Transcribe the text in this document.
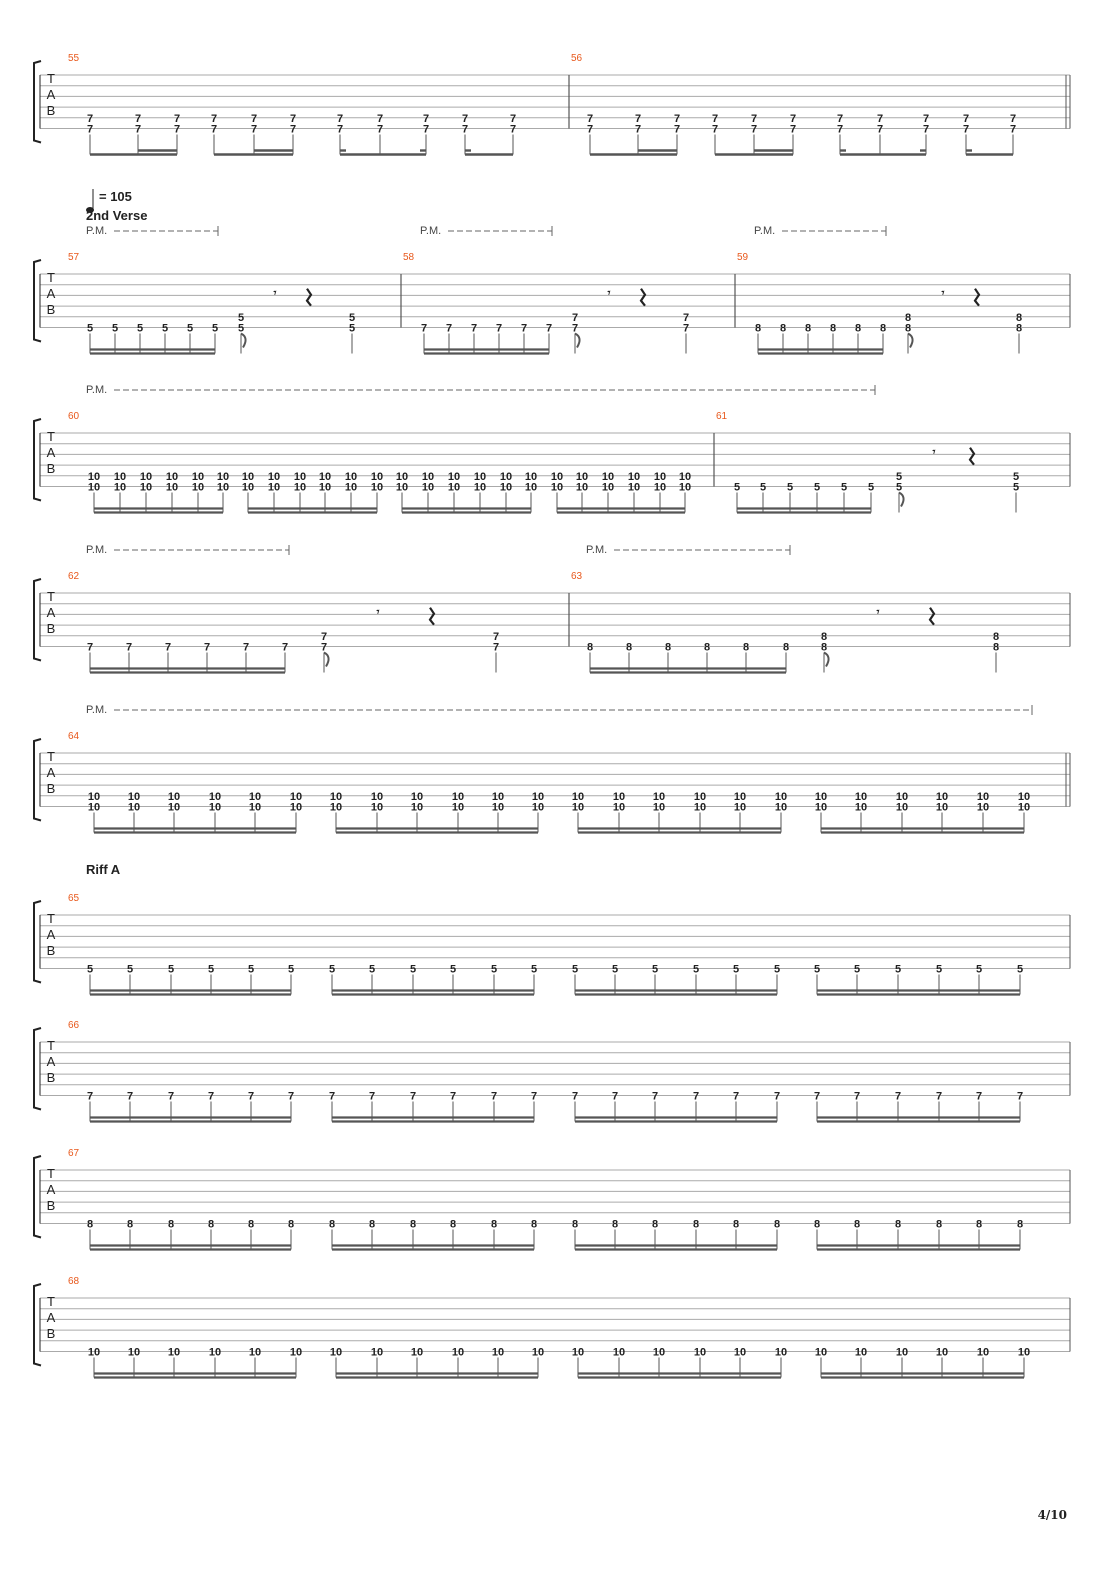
T
A
B
55
7
7
7
7
7
7
7
7
7
7
7
7
7
7
7
7
7
7
7
7
7
7
56
7
7
7
7
7
7
7
7
7
7
7
7
7
7
7
7
7
7
7
7
7
7
T
A
B
2nd Verse
= 105
P.M.	P.M.	P.M.
57
5 5 5 5 5 5
5
5
5
5
𝄾
58
7 7 7 7 7 7
7
7
7
7
𝄾
59
8 8 8 8 8 8
8
8
8
8
𝄾
T
A
B
P.M.
60
10
10
10
10
10
10
10
10
10
10
10
10
10
10
10
10
10
10
10
10
10
10
10
10
10
10
10
10
10
10
10
10
10
10
10
10
10
10
10
10
10
10
10
10
10
10
10
10
61
5 5 5 5 5 5
5
5
5
5
𝄾
T
A
B
P.M.	P.M.
62
7	7	7	7	7	7
7
7
7
7
𝄾
63
8	8	8	8	8	8
8
8
8
8
𝄾
T
A
B
P.M.
64
10
10
10
10
10
10
10
10
10
10
10
10
10
10
10
10
10
10
10
10
10
10
10
10
10
10
10
10
10
10
10
10
10
10
10
10
10
10
10
10
10
10
10
10
10
10
10
10
T
A
B
Riff A
65
5	5	5	5	5	5	5	5	5	5	5	5	5	5	5	5	5	5	5	5	5	5	5	5
T
A
B
66
7	7	7	7	7	7	7	7	7	7	7	7	7	7	7	7	7	7	7	7	7	7	7	7
T
A
B
67
8	8	8	8	8	8	8	8	8	8	8	8	8	8	8	8	8	8	8	8	8	8	8	8
T
A
B
68
10	10	10	10	10	10	10	10	10	10	10	10	10	10	10	10	10	10	10	10	10	10	10	10
4/10
